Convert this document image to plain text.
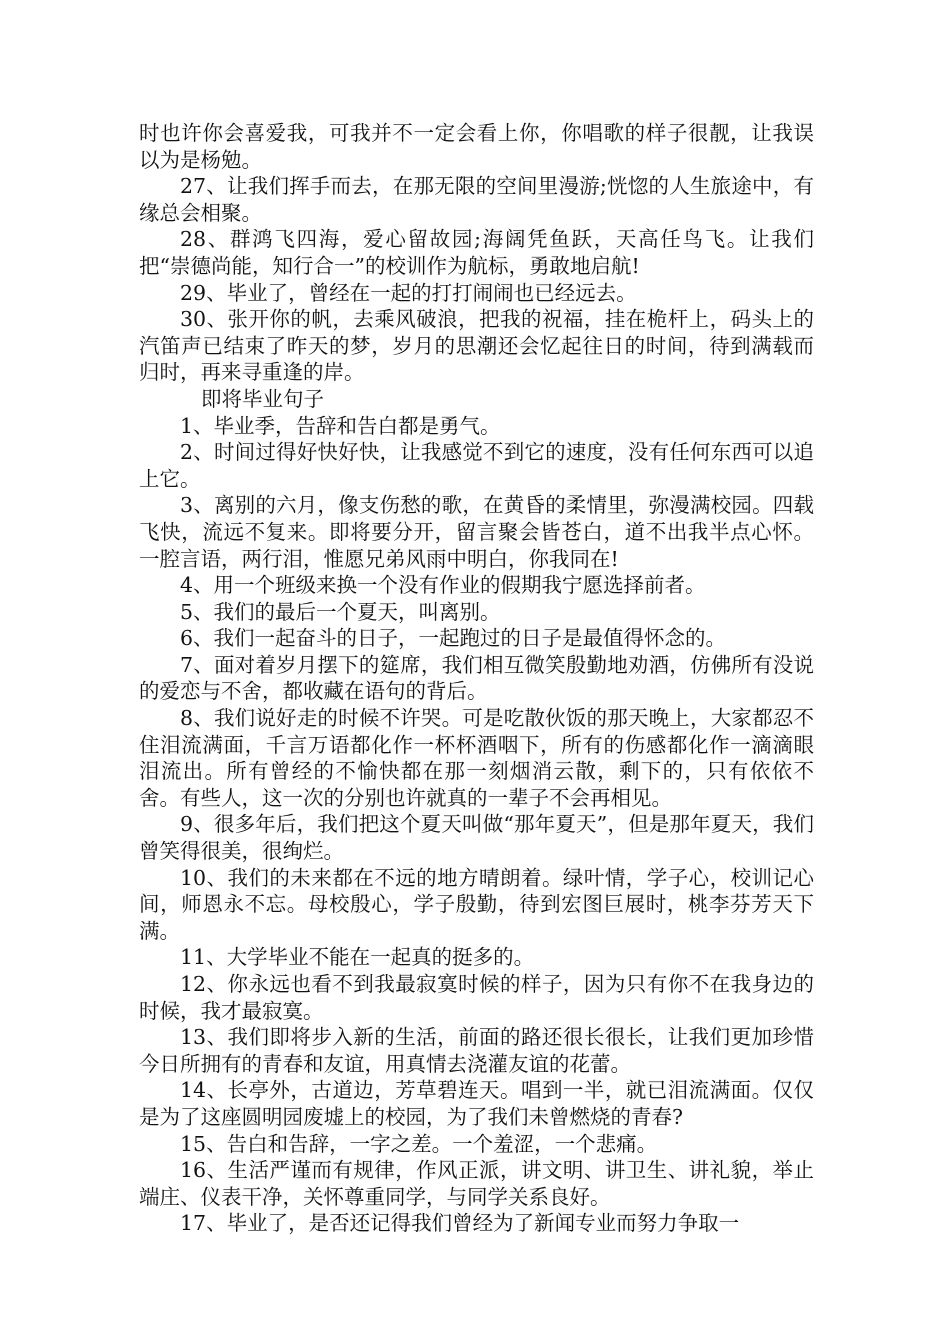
时也许你会喜爱我，可我并不一定会看上你，你唱歌的样子很靓，让我误以为是杨勉。

27、让我们挥手而去，在那无限的空间里漫游;恍惚的人生旅途中，有缘总会相聚。

28、群鸿飞四海，爱心留故园;海阔凭鱼跃，天高任鸟飞。让我们把“崇德尚能，知行合一”的校训作为航标，勇敢地启航!

29、毕业了，曾经在一起的打打闹闹也已经远去。

30、张开你的帆，去乘风破浪，把我的祝福，挂在桅杆上，码头上的汽笛声已结束了昨天的梦，岁月的思潮还会忆起往日的时间，待到满载而归时，再来寻重逢的岸。

即将毕业句子

1、毕业季，告辞和告白都是勇气。

2、时间过得好快好快，让我感觉不到它的速度，没有任何东西可以追上它。

3、离别的六月，像支伤愁的歌，在黄昏的柔情里，弥漫满校园。四载飞快，流远不复来。即将要分开，留言聚会皆苍白，道不出我半点心怀。一腔言语，两行泪，惟愿兄弟风雨中明白，你我同在!

4、用一个班级来换一个没有作业的假期我宁愿选择前者。

5、我们的最后一个夏天，叫离别。

6、我们一起奋斗的日子，一起跑过的日子是最值得怀念的。

7、面对着岁月摆下的筵席，我们相互微笑殷勤地劝酒，仿佛所有没说的爱恋与不舍，都收藏在语句的背后。

8、我们说好走的时候不许哭。可是吃散伙饭的那天晚上，大家都忍不住泪流满面，千言万语都化作一杯杯酒咽下，所有的伤感都化作一滴滴眼泪流出。所有曾经的不愉快都在那一刻烟消云散，剩下的，只有依依不舍。有些人，这一次的分别也许就真的一辈子不会再相见。

9、很多年后，我们把这个夏天叫做“那年夏天”，但是那年夏天，我们曾笑得很美，很绚烂。

10、我们的未来都在不远的地方晴朗着。绿叶情，学子心，校训记心间，师恩永不忘。母校殷心，学子殷勤，待到宏图巨展时，桃李芬芳天下满。

11、大学毕业不能在一起真的挺多的。

12、你永远也看不到我最寂寞时候的样子，因为只有你不在我身边的时候，我才最寂寞。

13、我们即将步入新的生活，前面的路还很长很长，让我们更加珍惜今日所拥有的青春和友谊，用真情去浇灌友谊的花蕾。

14、长亭外，古道边，芳草碧连天。唱到一半，就已泪流满面。仅仅是为了这座圆明园废墟上的校园，为了我们未曾燃烧的青春?

15、告白和告辞，一字之差。一个羞涩，一个悲痛。

16、生活严谨而有规律，作风正派，讲文明、讲卫生、讲礼貌，举止端庄、仪表干净，关怀尊重同学，与同学关系良好。

17、毕业了，是否还记得我们曾经为了新闻专业而努力争取一
